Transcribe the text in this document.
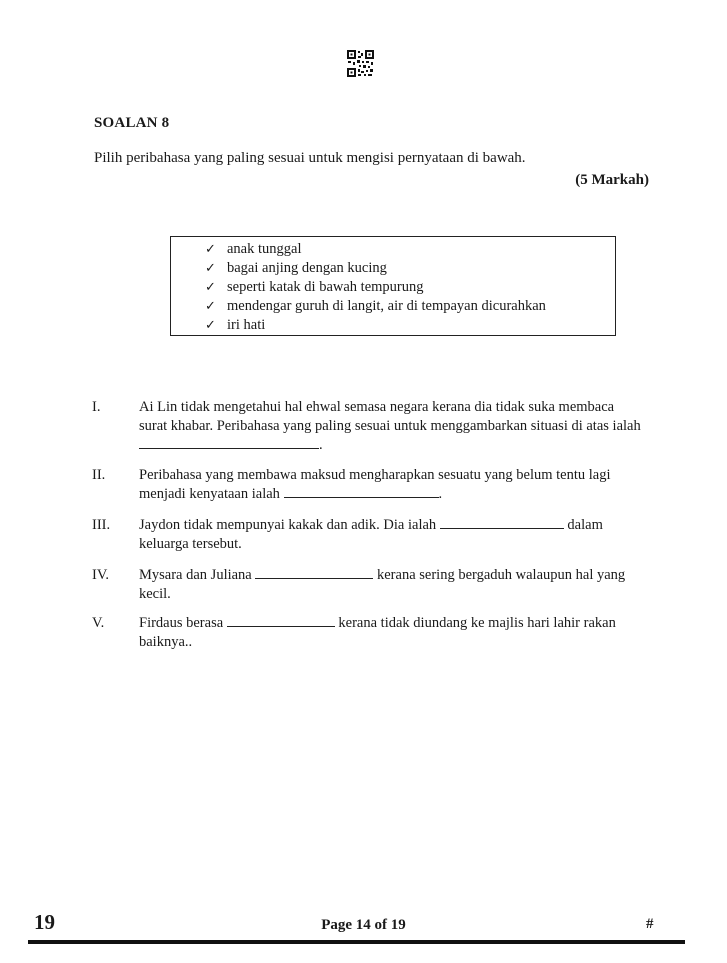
SOALAN 8
Pilih peribahasa yang paling sesuai untuk mengisi pernyataan di bawah.
(5 Markah)
✓ anak tunggal
✓ bagai anjing dengan kucing
✓ seperti katak di bawah tempurung
✓ mendengar guruh di langit, air di tempayan dicurahkan
✓ iri hati
I.	Ai Lin tidak mengetahui hal ehwal semasa negara kerana dia tidak suka membaca
surat khabar. Peribahasa yang paling sesuai untuk menggambarkan situasi di atas ialah
.
II. Peribahasa yang membawa maksud mengharapkan sesuatu yang belum tentu lagi
menjadi kenyataan ialah	.
III. Jaydon tidak mempunyai kakak dan adik. Dia ialah	dalam
keluarga tersebut.
IV. Mysara dan Juliana	kerana sering bergaduh walaupun hal yang
kecil.
V. Firdaus berasa	kerana tidak diundang ke majlis hari lahir rakan
baiknya..
19	Page 14 of 19	#
